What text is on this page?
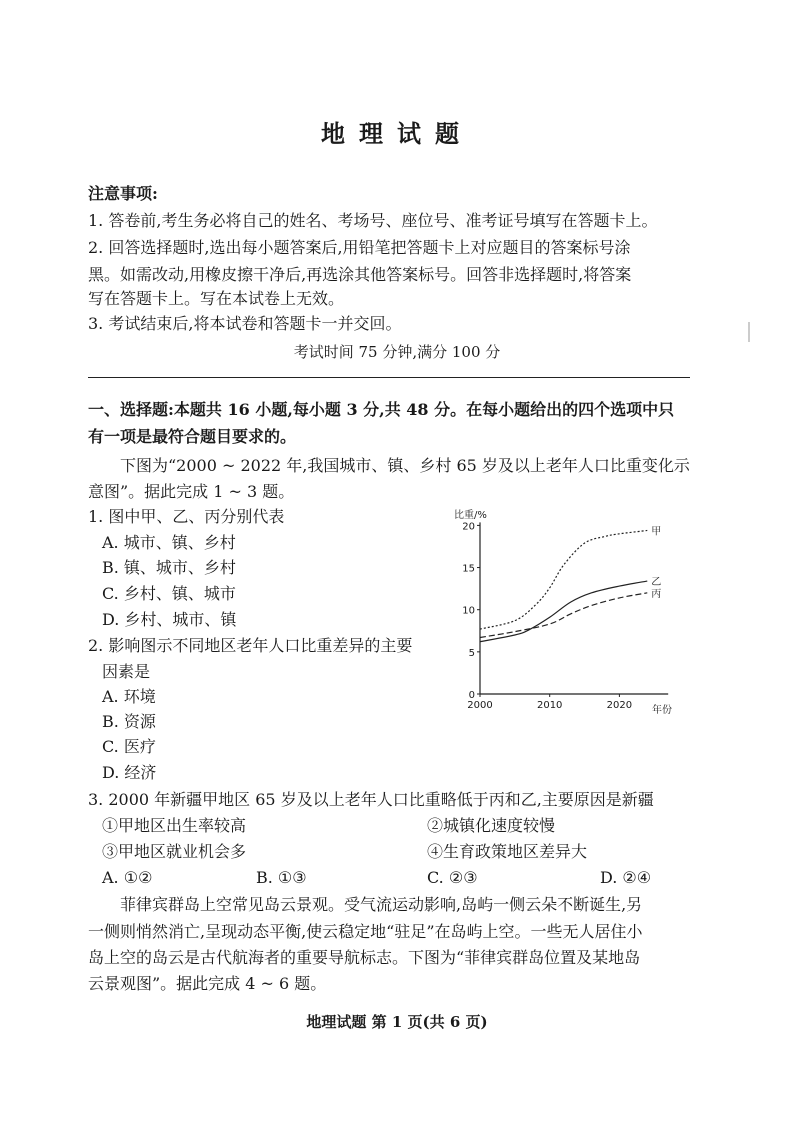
地理试题
注意事项:
1. 答卷前,考生务必将自己的姓名、考场号、座位号、准考证号填写在答题卡上。
2. 回答选择题时,选出每小题答案后,用铅笔把答题卡上对应题目的答案标号涂
黑。如需改动,用橡皮擦干净后,再选涂其他答案标号。回答非选择题时,将答案
写在答题卡上。写在本试卷上无效。
3. 考试结束后,将本试卷和答题卡一并交回。
考试时间 75 分钟,满分 100 分
一、选择题:本题共 16 小题,每小题 3 分,共 48 分。在每小题给出的四个选项中只
有一项是最符合题目要求的。
下图为“2000 ~ 2022 年,我国城市、镇、乡村 65 岁及以上老年人口比重变化示
意图”。据此完成 1 ~ 3 题。
1. 图中甲、乙、丙分别代表
A. 城市、镇、乡村
B. 镇、城市、乡村
C. 乡村、镇、城市
D. 乡村、城市、镇
2. 影响图示不同地区老年人口比重差异的主要
因素是
A. 环境
B. 资源
C. 医疗
D. 经济
3. 2000 年新疆甲地区 65 岁及以上老年人口比重略低于丙和乙,主要原因是新疆
①甲地区出生率较高	②城镇化速度较慢
③甲地区就业机会多	④生育政策地区差异大
A. ①②	B. ①③	C. ②③	D. ②④
菲律宾群岛上空常见岛云景观。受气流运动影响,岛屿一侧云朵不断诞生,另
一侧则悄然消亡,呈现动态平衡,使云稳定地“驻足”在岛屿上空。一些无人居住小
岛上空的岛云是古代航海者的重要导航标志。下图为“菲律宾群岛位置及某地岛
云景观图”。据此完成 4 ~ 6 题。
地理试题 第 1 页(共 6 页)
0
5
10
15
20
2000	2010	2020
甲
乙
丙
比重/%
年份
